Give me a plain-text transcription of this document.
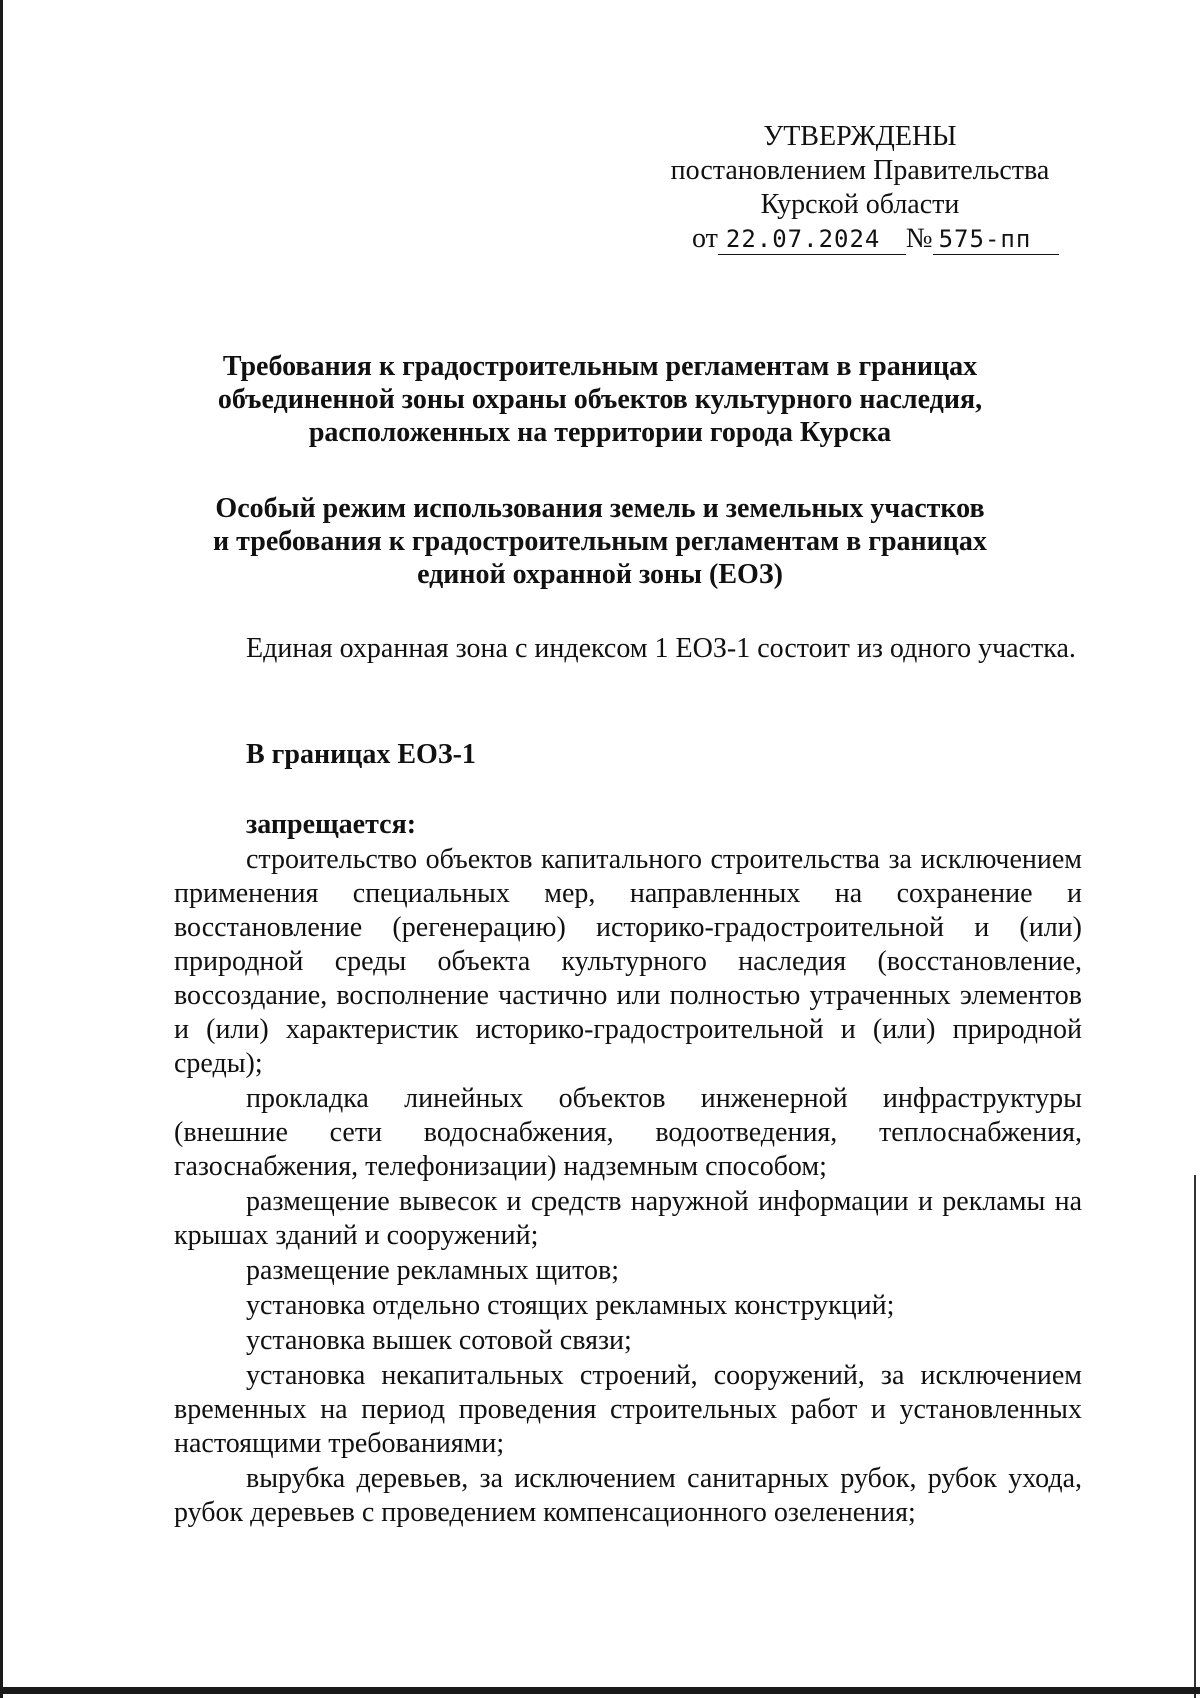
УТВЕРЖДЕНЫ
постановлением Правительства
Курской области
от 22.07.2024 № 575-пп
Требования к градостроительным регламентам в границах
объединенной зоны охраны объектов культурного наследия,
расположенных на территории города Курска
Особый режим использования земель и земельных участков
и требования к градостроительным регламентам в границах
единой охранной зоны (ЕОЗ)

Единая охранная зона с индексом 1 ЕОЗ-1 состоит из одного участка.

В границах ЕОЗ-1
запрещается:

строительство объектов капитального строительства за исключением применения специальных мер, направленных на сохранение и восстановление (регенерацию) историко-градостроительной и (или) природной среды объекта культурного наследия (восстановление, воссоздание, восполнение частично или полностью утраченных элементов и (или) характеристик историко-градостроительной и (или) природной среды);

прокладка линейных объектов инженерной инфраструктуры (внешние сети водоснабжения, водоотведения, теплоснабжения, газоснабжения, телефонизации) надземным способом;

размещение вывесок и средств наружной информации и рекламы на крышах зданий и сооружений;

размещение рекламных щитов;

установка отдельно стоящих рекламных конструкций;

установка вышек сотовой связи;

установка некапитальных строений, сооружений, за исключением временных на период проведения строительных работ и установленных настоящими требованиями;

вырубка деревьев, за исключением санитарных рубок, рубок ухода, рубок деревьев с проведением компенсационного озеленения;
